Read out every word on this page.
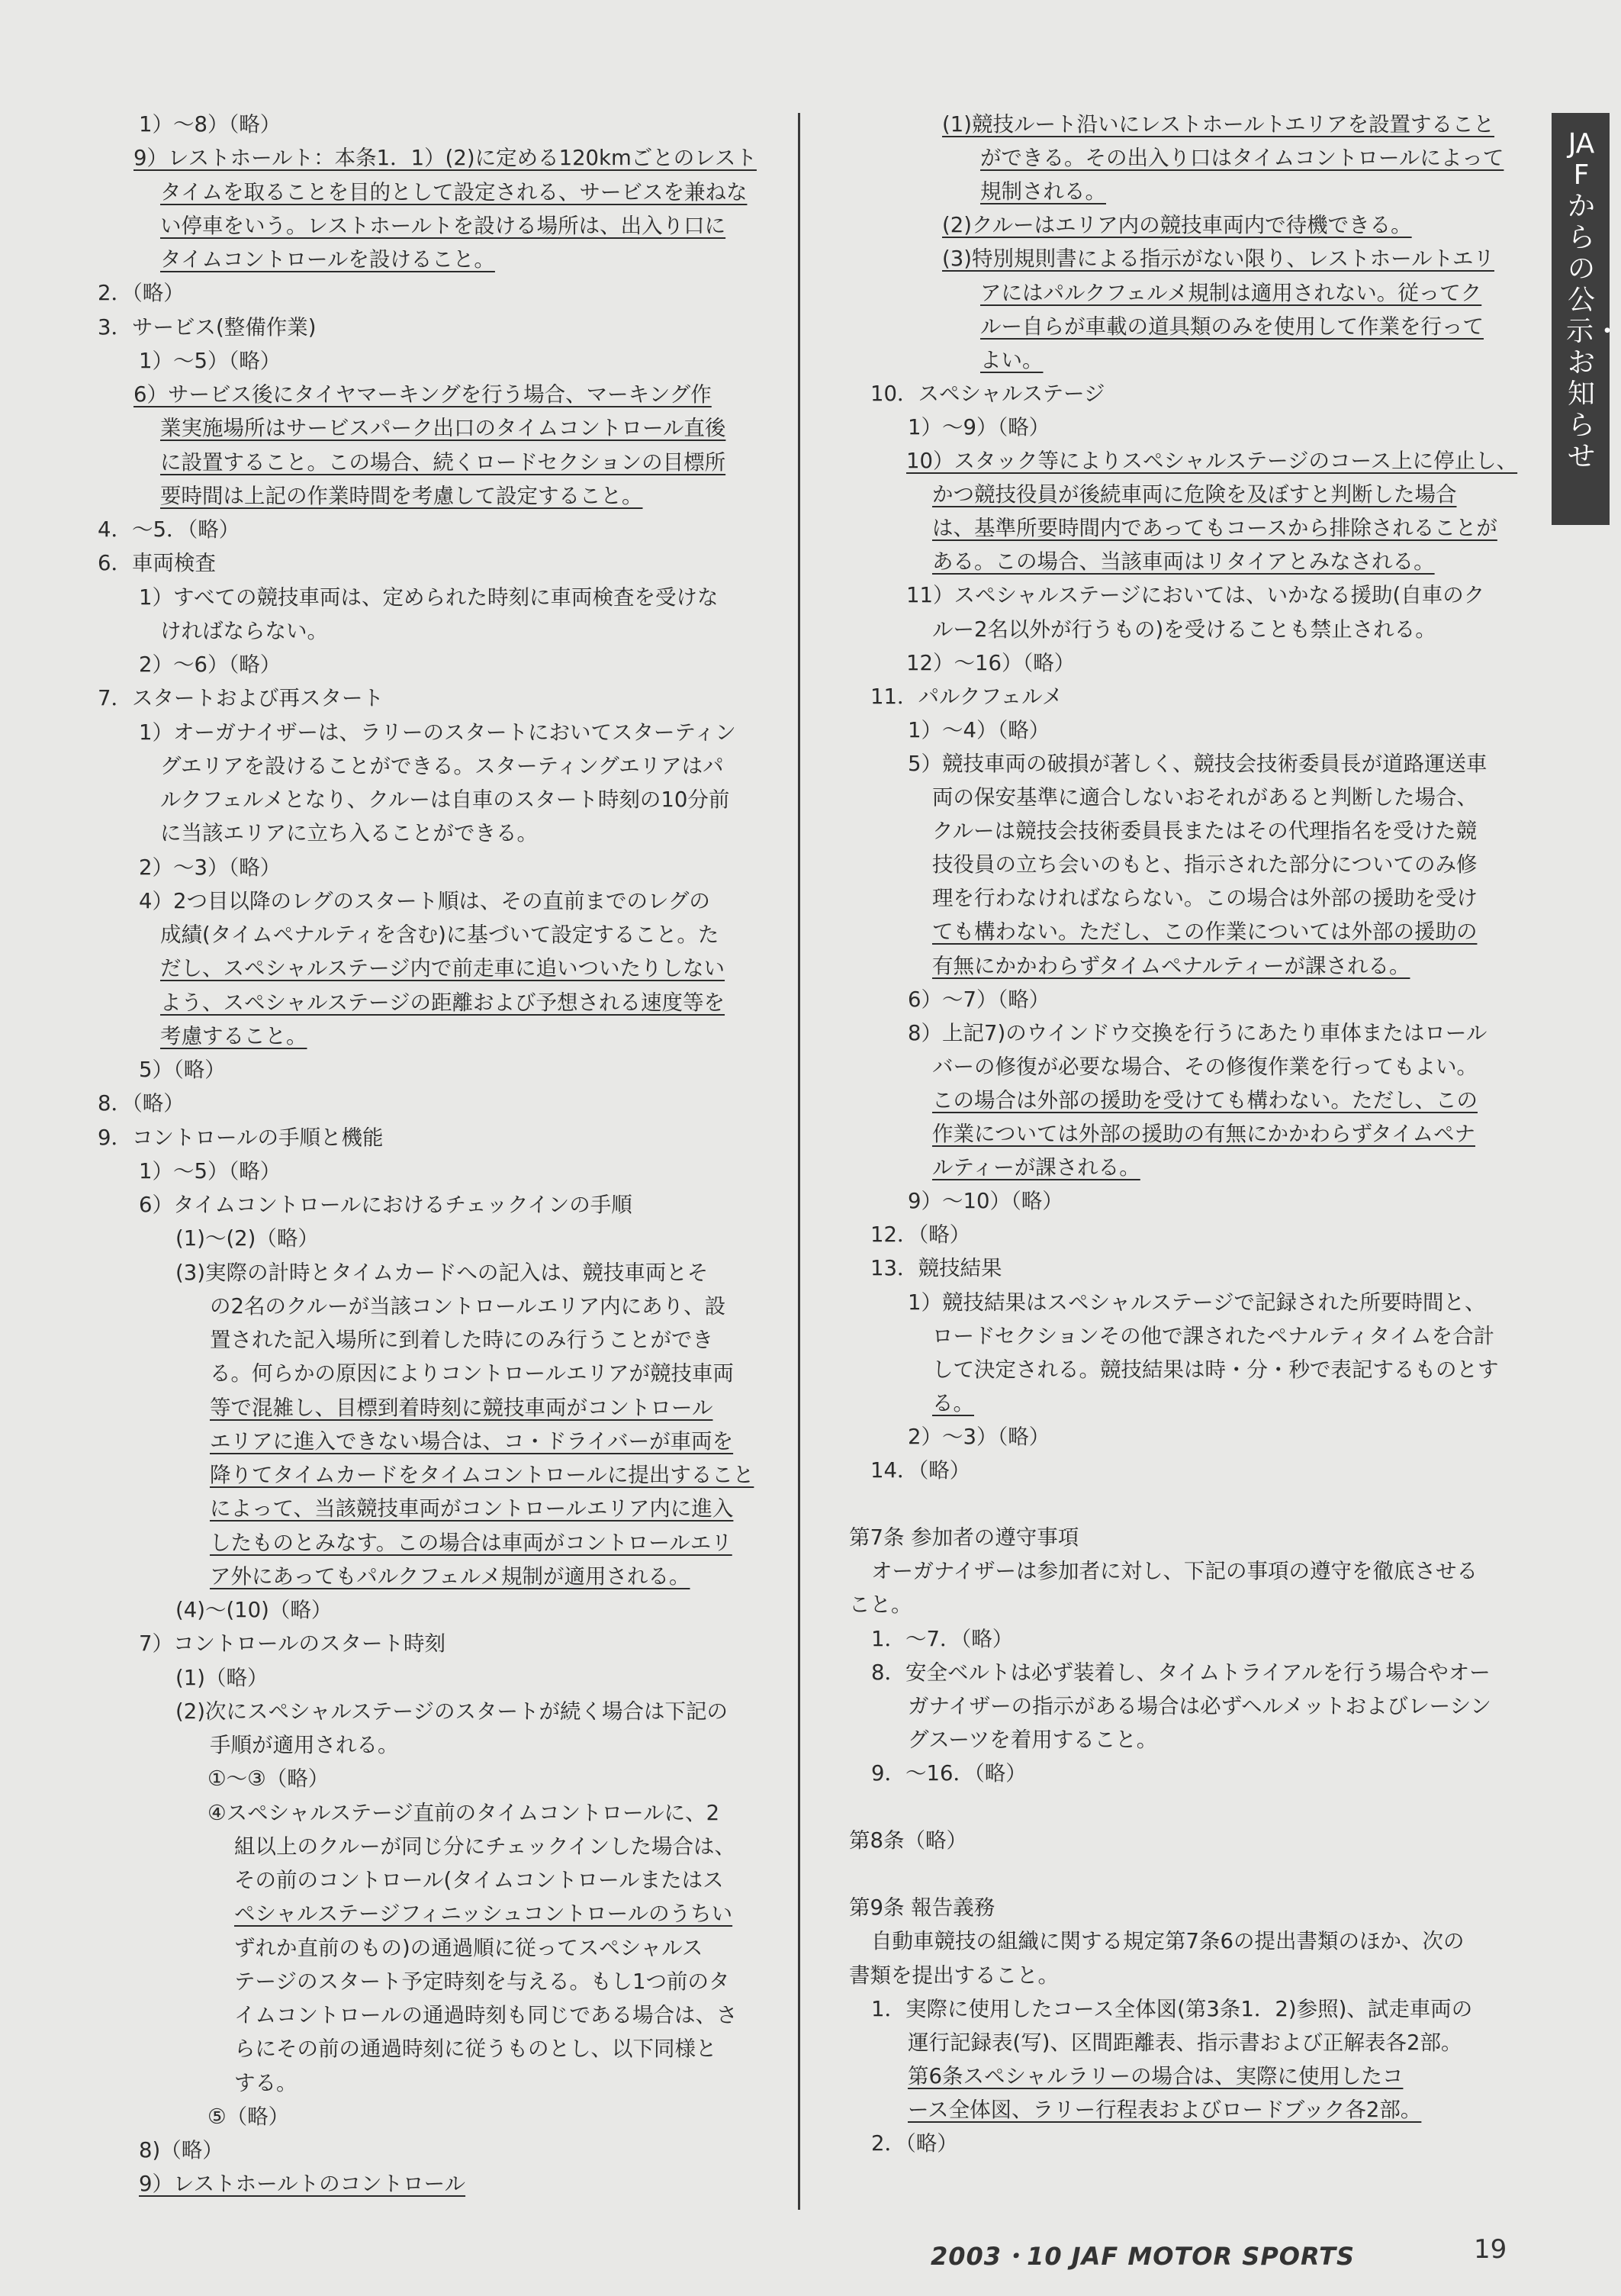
1）～8）（略）
9）レストホールト：本条1．1）(2)に定める120kmごとのレスト
タイムを取ることを目的として設定される、サービスを兼ねな
い停車をいう。レストホールトを設ける場所は、出入り口に
タイムコントロールを設けること。
2．（略）
3．サービス(整備作業)
1）～5）（略）
6）サービス後にタイヤマーキングを行う場合、マーキング作
業実施場所はサービスパーク出口のタイムコントロール直後
に設置すること。この場合、続くロードセクションの目標所
要時間は上記の作業時間を考慮して設定すること。
4．～5．（略）
6．車両検査
1）すべての競技車両は、定められた時刻に車両検査を受けな
ければならない。
2）～6）（略）
7．スタートおよび再スタート
1）オーガナイザーは、ラリーのスタートにおいてスターティン
グエリアを設けることができる。スターティングエリアはパ
ルクフェルメとなり、クルーは自車のスタート時刻の10分前
に当該エリアに立ち入ることができる。
2）～3）（略）
4）2つ目以降のレグのスタート順は、その直前までのレグの
成績(タイムペナルティを含む)に基づいて設定すること。た
だし、スペシャルステージ内で前走車に追いついたりしない
よう、スペシャルステージの距離および予想される速度等を
考慮すること。
5）（略）
8．（略）
9．コントロールの手順と機能
1）～5）（略）
6）タイムコントロールにおけるチェックインの手順
(1)～(2)（略）
(3)実際の計時とタイムカードへの記入は、競技車両とそ
の2名のクルーが当該コントロールエリア内にあり、設
置された記入場所に到着した時にのみ行うことができ
る。何らかの原因によりコントロールエリアが競技車両
等で混雑し、目標到着時刻に競技車両がコントロール
エリアに進入できない場合は、コ・ドライバーが車両を
降りてタイムカードをタイムコントロールに提出すること
によって、当該競技車両がコントロールエリア内に進入
したものとみなす。この場合は車両がコントロールエリ
ア外にあってもパルクフェルメ規制が適用される。
(4)～(10)（略）
7）コントロールのスタート時刻
(1)（略）
(2)次にスペシャルステージのスタートが続く場合は下記の
手順が適用される。
①～③（略）
④スペシャルステージ直前のタイムコントロールに、2
組以上のクルーが同じ分にチェックインした場合は、
その前のコントロール(タイムコントロールまたはス
ペシャルステージフィニッシュコントロールのうちい
ずれか直前のもの)の通過順に従ってスペシャルス
テージのスタート予定時刻を与える。もし1つ前のタ
イムコントロールの通過時刻も同じである場合は、さ
らにその前の通過時刻に従うものとし、以下同様と
する。
⑤（略）
8)（略）
9）レストホールトのコントロール
(1)競技ルート沿いにレストホールトエリアを設置すること
ができる。その出入り口はタイムコントロールによって
規制される。
(2)クルーはエリア内の競技車両内で待機できる。
(3)特別規則書による指示がない限り、レストホールトエリ
アにはパルクフェルメ規制は適用されない。従ってク
ルー自らが車載の道具類のみを使用して作業を行って
よい。
10．スペシャルステージ
1）～9）（略）
10）スタック等によりスペシャルステージのコース上に停止し、
かつ競技役員が後続車両に危険を及ぼすと判断した場合
は、基準所要時間内であってもコースから排除されることが
ある。この場合、当該車両はリタイアとみなされる。
11）スペシャルステージにおいては、いかなる援助(自車のク
ルー2名以外が行うもの)を受けることも禁止される。
12）～16）（略）
11．パルクフェルメ
1）～4）（略）
5）競技車両の破損が著しく、競技会技術委員長が道路運送車
両の保安基準に適合しないおそれがあると判断した場合、
クルーは競技会技術委員長またはその代理指名を受けた競
技役員の立ち会いのもと、指示された部分についてのみ修
理を行わなければならない。この場合は外部の援助を受け
ても構わない。ただし、この作業については外部の援助の
有無にかかわらずタイムペナルティーが課される。
6）～7）（略）
8）上記7)のウインドウ交換を行うにあたり車体またはロール
バーの修復が必要な場合、その修復作業を行ってもよい。
この場合は外部の援助を受けても構わない。ただし、この
作業については外部の援助の有無にかかわらずタイムペナ
ルティーが課される。
9）～10）（略）
12．（略）
13．競技結果
1）競技結果はスペシャルステージで記録された所要時間と、
ロードセクションその他で課されたペナルティタイムを合計
して決定される。競技結果は時・分・秒で表記するものとす
る。
2）～3）（略）
14．（略）
第7条 参加者の遵守事項
オーガナイザーは参加者に対し、下記の事項の遵守を徹底させる
こと。
1．～7．（略）
8．安全ベルトは必ず装着し、タイムトライアルを行う場合やオー
ガナイザーの指示がある場合は必ずヘルメットおよびレーシン
グスーツを着用すること。
9．～16．（略）
第8条（略）
第9条 報告義務
自動車競技の組織に関する規定第7条6の提出書類のほか、次の
書類を提出すること。
1．実際に使用したコース全体図(第3条1．2)参照)、試走車両の
運行記録表(写)、区間距離表、指示書および正解表各2部。
第6条スペシャルラリーの場合は、実際に使用したコ
ース全体図、ラリー行程表およびロードブック各2部。
2．（略）
JAFからの公示・お知らせ
2003・10 JAF MOTOR SPORTS	19
